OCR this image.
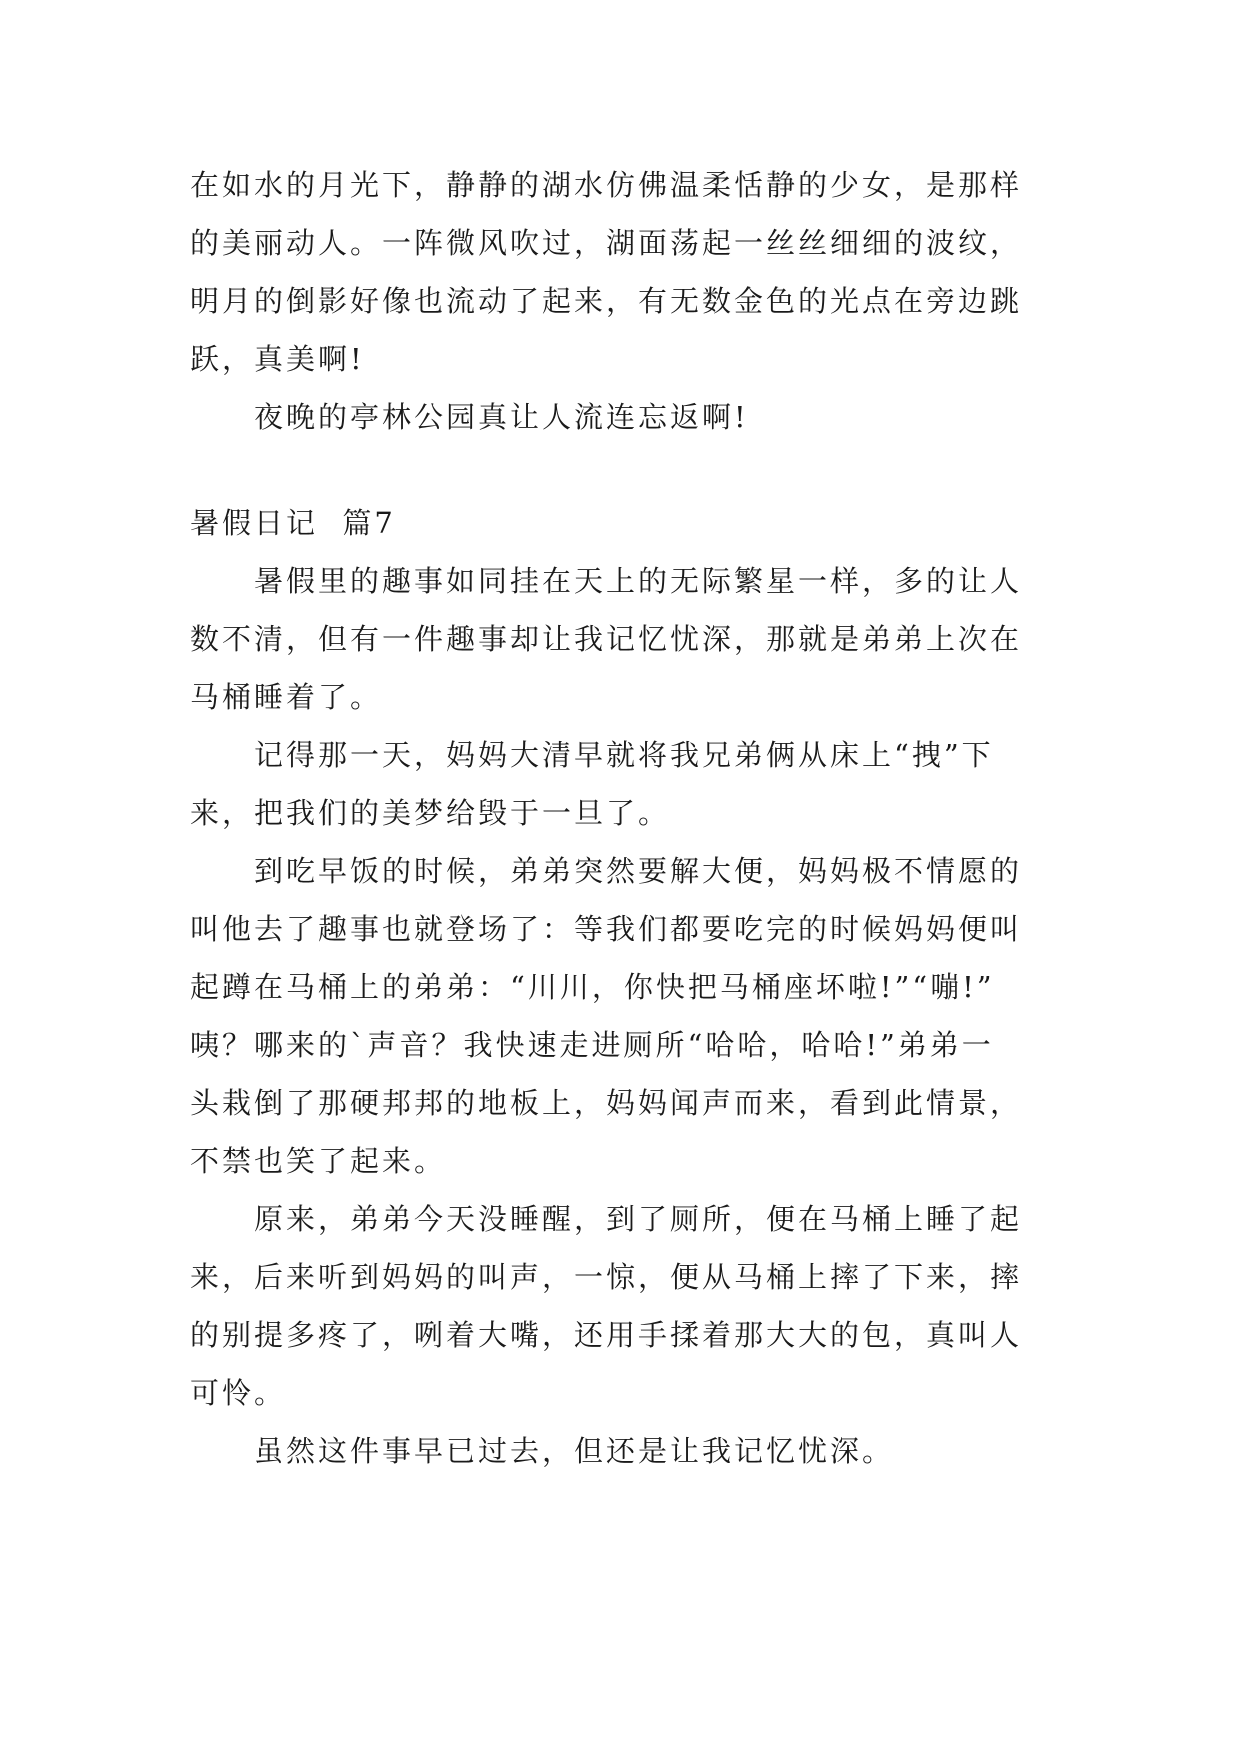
在如水的月光下，静静的湖水仿佛温柔恬静的少女，是那样
的美丽动人。一阵微风吹过，湖面荡起一丝丝细细的波纹，
明月的倒影好像也流动了起来，有无数金色的光点在旁边跳
跃，真美啊!
夜晚的亭林公园真让人流连忘返啊!
暑假日记  篇7
暑假里的趣事如同挂在天上的无际繁星一样，多的让人
数不清，但有一件趣事却让我记忆忧深，那就是弟弟上次在
马桶睡着了。
记得那一天，妈妈大清早就将我兄弟俩从床上“拽”下
来，把我们的美梦给毁于一旦了。
到吃早饭的时候，弟弟突然要解大便，妈妈极不情愿的
叫他去了趣事也就登场了：等我们都要吃完的时候妈妈便叫
起蹲在马桶上的弟弟：“川川，你快把马桶座坏啦!”“嘣!”
咦？哪来的`声音？我快速走进厕所“哈哈，哈哈!”弟弟一
头栽倒了那硬邦邦的地板上，妈妈闻声而来，看到此情景，
不禁也笑了起来。
原来，弟弟今天没睡醒，到了厕所，便在马桶上睡了起
来，后来听到妈妈的叫声，一惊，便从马桶上摔了下来，摔
的别提多疼了，咧着大嘴，还用手揉着那大大的包，真叫人
可怜。
虽然这件事早已过去，但还是让我记忆忧深。
